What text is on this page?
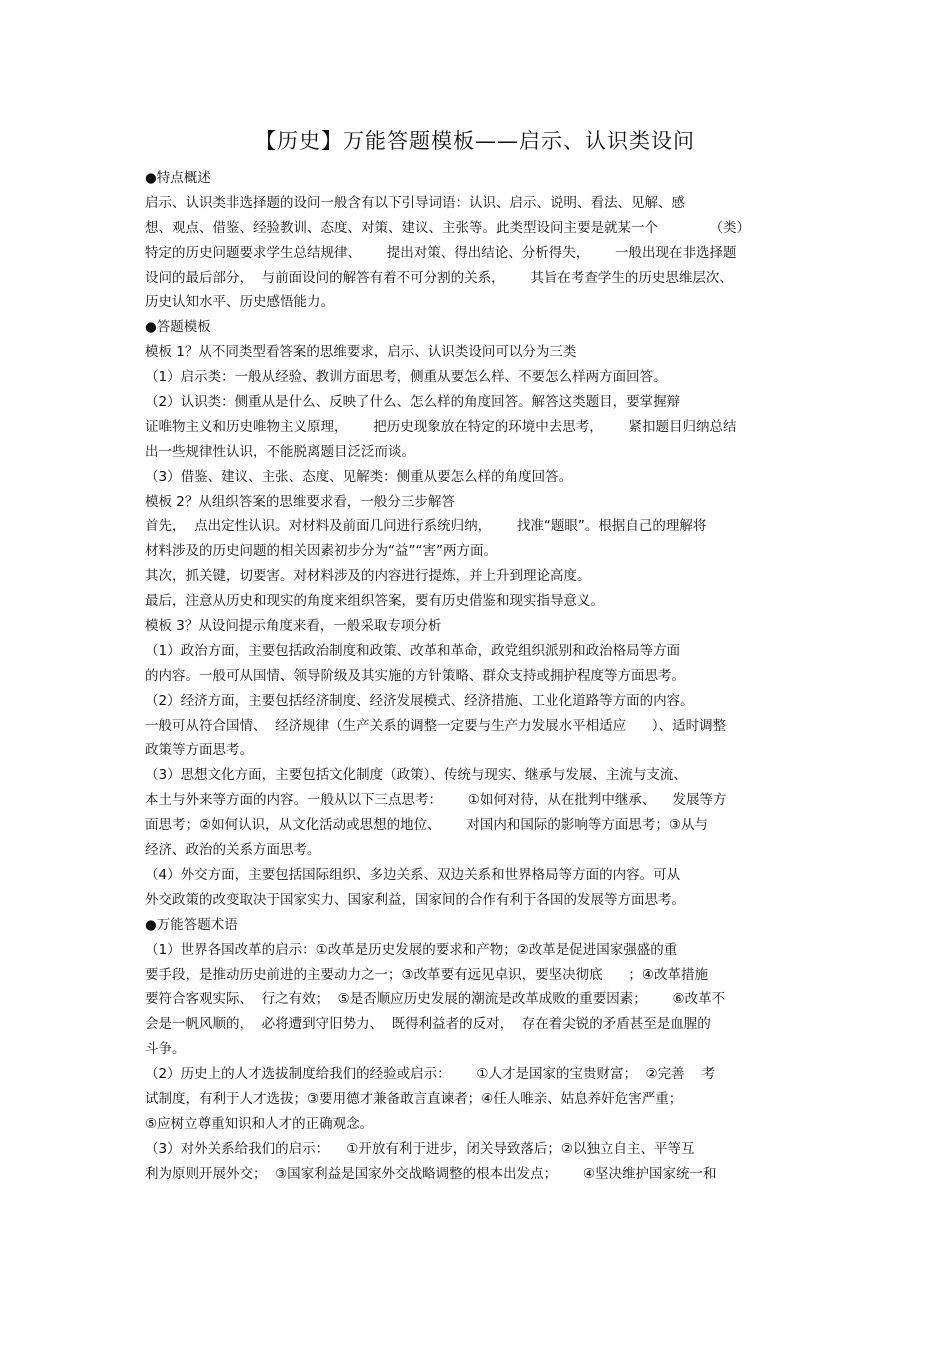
【历史】万能答题模板——启示、认识类设问
●特点概述
启示、认识类非选择题的设问一般含有以下引导词语：认识、启示、说明、看法、见解、感
想、观点、借鉴、经验教训、态度、对策、建议、主张等。此类型设问主要是就某一个            （类）
特定的历史问题要求学生总结规律、      提出对策、得出结论、分析得失，      一般出现在非选择题
设问的最后部分，  与前面设问的解答有着不可分割的关系，      其旨在考查学生的历史思维层次、
历史认知水平、历史感悟能力。
●答题模板
模板 1？从不同类型看答案的思维要求，启示、认识类设问可以分为三类
（1）启示类：一般从经验、教训方面思考，侧重从要怎么样、不要怎么样两方面回答。
（2）认识类：侧重从是什么、反映了什么、怎么样的角度回答。解答这类题目，要掌握辩
证唯物主义和历史唯物主义原理，      把历史现象放在特定的环境中去思考，      紧扣题目归纳总结
出一些规律性认识，不能脱离题目泛泛而谈。
（3）借鉴、建议、主张、态度、见解类：侧重从要怎么样的角度回答。
模板 2？从组织答案的思维要求看，一般分三步解答
首先，  点出定性认识。对材料及前面几问进行系统归纳，      找准“题眼”。根据自己的理解将
材料涉及的历史问题的相关因素初步分为“益”“害”两方面。
其次，抓关键，切要害。对材料涉及的内容进行提炼，并上升到理论高度。
最后，注意从历史和现实的角度来组织答案，要有历史借鉴和现实指导意义。
模板 3？从设问提示角度来看，一般采取专项分析
（1）政治方面，主要包括政治制度和政策、改革和革命，政党组织派别和政治格局等方面
的内容。一般可从国情、领导阶级及其实施的方针策略、群众支持或拥护程度等方面思考。
（2）经济方面，主要包括经济制度、经济发展模式、经济措施、工业化道路等方面的内容。
一般可从符合国情、  经济规律（生产关系的调整一定要与生产力发展水平相适应      ）、适时调整
政策等方面思考。
（3）思想文化方面，主要包括文化制度（政策）、传统与现实、继承与发展、主流与支流、
本土与外来等方面的内容。一般从以下三点思考：      ①如何对待，从在批判中继承、    发展等方
面思考；②如何认识，从文化活动或思想的地位、      对国内和国际的影响等方面思考；③从与
经济、政治的关系方面思考。
（4）外交方面，主要包括国际组织、多边关系、双边关系和世界格局等方面的内容。可从
外交政策的改变取决于国家实力、国家利益，国家间的合作有利于各国的发展等方面思考。
●万能答题术语
（1）世界各国改革的启示：①改革是历史发展的要求和产物；②改革是促进国家强盛的重
要手段，是推动历史前进的主要动力之一；③改革要有远见卓识，要坚决彻底      ；④改革措施
要符合客观实际、  行之有效；  ⑤是否顺应历史发展的潮流是改革成败的重要因素；      ⑥改革不
会是一帆风顺的，  必将遭到守旧势力、  既得利益者的反对，  存在着尖锐的矛盾甚至是血腥的
斗争。
（2）历史上的人才选拔制度给我们的经验或启示：      ①人才是国家的宝贵财富；  ②完善    考
试制度，有利于人才选拔；③要用德才兼备敢言直谏者；④任人唯亲、姑息养奸危害严重；
⑤应树立尊重知识和人才的正确观念。
（3）对外关系给我们的启示：    ①开放有利于进步，闭关导致落后；②以独立自主、平等互
利为原则开展外交；  ③国家利益是国家外交战略调整的根本出发点；      ④坚决维护国家统一和
